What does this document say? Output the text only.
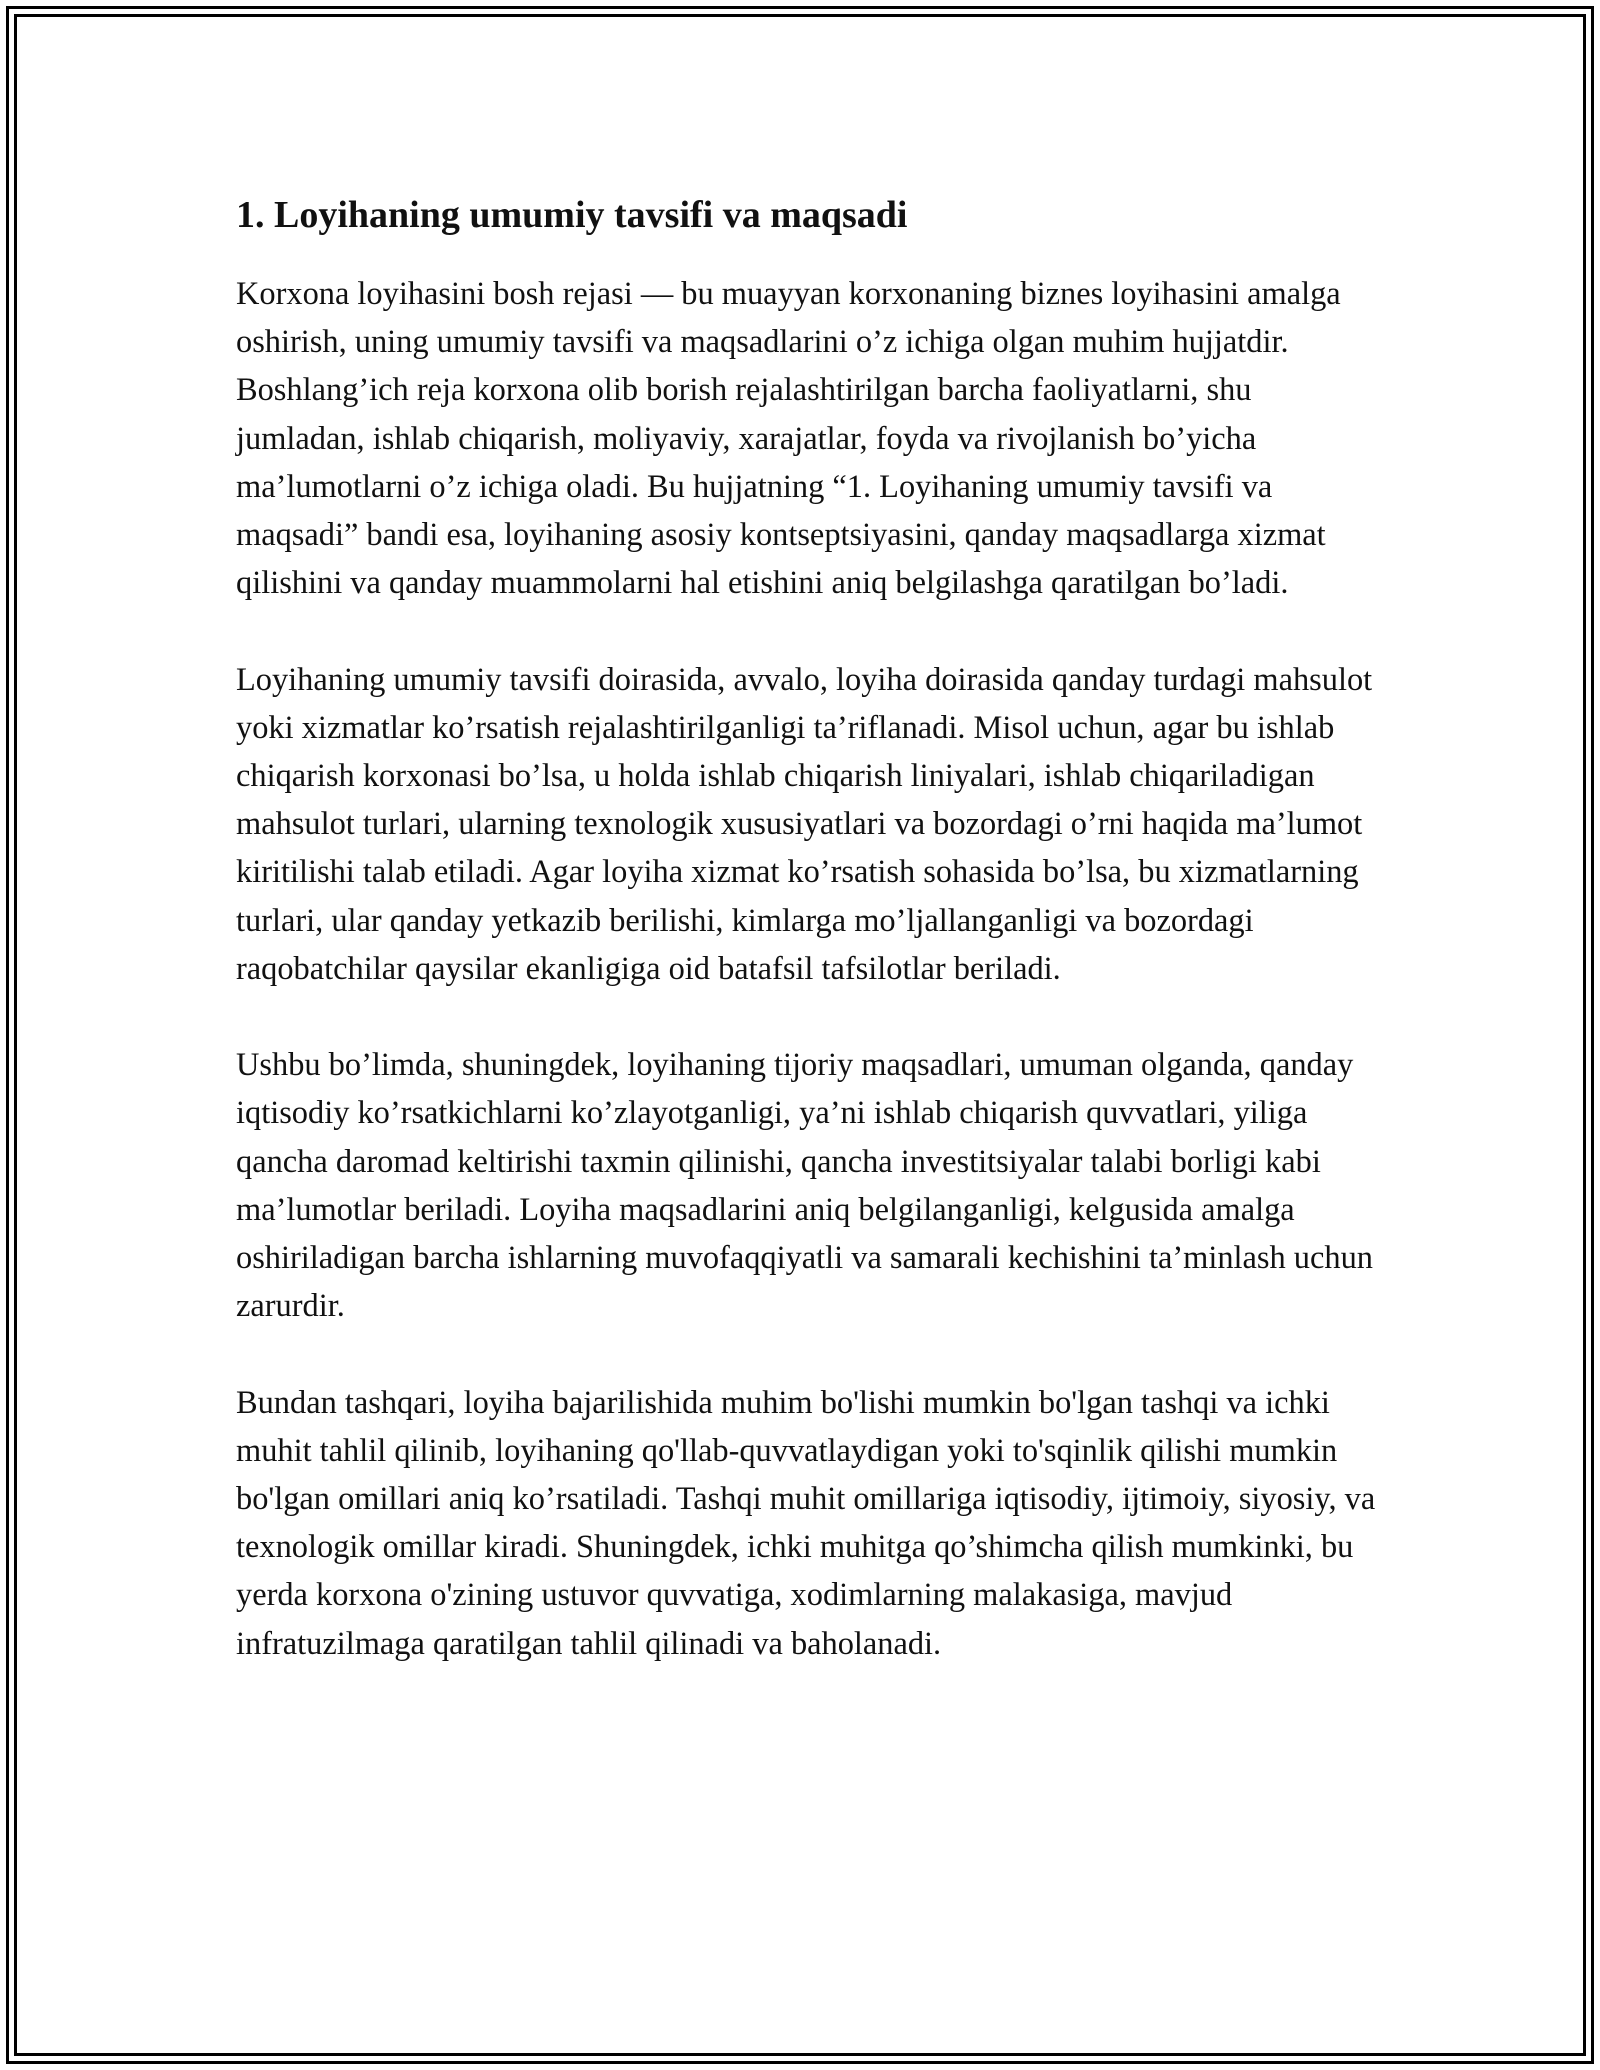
1. Loyihaning umumiy tavsifi va maqsadi

Korxona loyihasini bosh rejasi — bu muayyan korxonaning biznes loyihasini amalga oshirish, uning umumiy tavsifi va maqsadlarini o’z ichiga olgan muhim hujjatdir. Boshlang’ich reja korxona olib borish rejalashtirilgan barcha faoliyatlarni, shu jumladan, ishlab chiqarish, moliyaviy, xarajatlar, foyda va rivojlanish bo’yicha ma’lumotlarni o’z ichiga oladi. Bu hujjatning “1. Loyihaning umumiy tavsifi va maqsadi” bandi esa, loyihaning asosiy kontseptsiyasini, qanday maqsadlarga xizmat qilishini va qanday muammolarni hal etishini aniq belgilashga qaratilgan bo’ladi.

Loyihaning umumiy tavsifi doirasida, avvalo, loyiha doirasida qanday turdagi mahsulot yoki xizmatlar ko’rsatish rejalashtirilganligi ta’riflanadi. Misol uchun, agar bu ishlab chiqarish korxonasi bo’lsa, u holda ishlab chiqarish liniyalari, ishlab chiqariladigan mahsulot turlari, ularning texnologik xususiyatlari va bozordagi o’rni haqida ma’lumot kiritilishi talab etiladi. Agar loyiha xizmat ko’rsatish sohasida bo’lsa, bu xizmatlarning turlari, ular qanday yetkazib berilishi, kimlarga mo’ljallanganligi va bozordagi raqobatchilar qaysilar ekanligiga oid batafsil tafsilotlar beriladi.

Ushbu bo’limda, shuningdek, loyihaning tijoriy maqsadlari, umuman olganda, qanday iqtisodiy ko’rsatkichlarni ko’zlayotganligi, ya’ni ishlab chiqarish quvvatlari, yiliga qancha daromad keltirishi taxmin qilinishi, qancha investitsiyalar talabi borligi kabi ma’lumotlar beriladi. Loyiha maqsadlarini aniq belgilanganligi, kelgusida amalga oshiriladigan barcha ishlarning muvofaqqiyatli va samarali kechishini ta’minlash uchun zarurdir.

Bundan tashqari, loyiha bajarilishida muhim bo'lishi mumkin bo'lgan tashqi va ichki muhit tahlil qilinib, loyihaning qo'llab-quvvatlaydigan yoki to'sqinlik qilishi mumkin bo'lgan omillari aniq ko’rsatiladi. Tashqi muhit omillariga iqtisodiy, ijtimoiy, siyosiy, va texnologik omillar kiradi. Shuningdek, ichki muhitga qo’shimcha qilish mumkinki, bu yerda korxona o'zining ustuvor quvvatiga, xodimlarning malakasiga, mavjud infratuzilmaga qaratilgan tahlil qilinadi va baholanadi.
